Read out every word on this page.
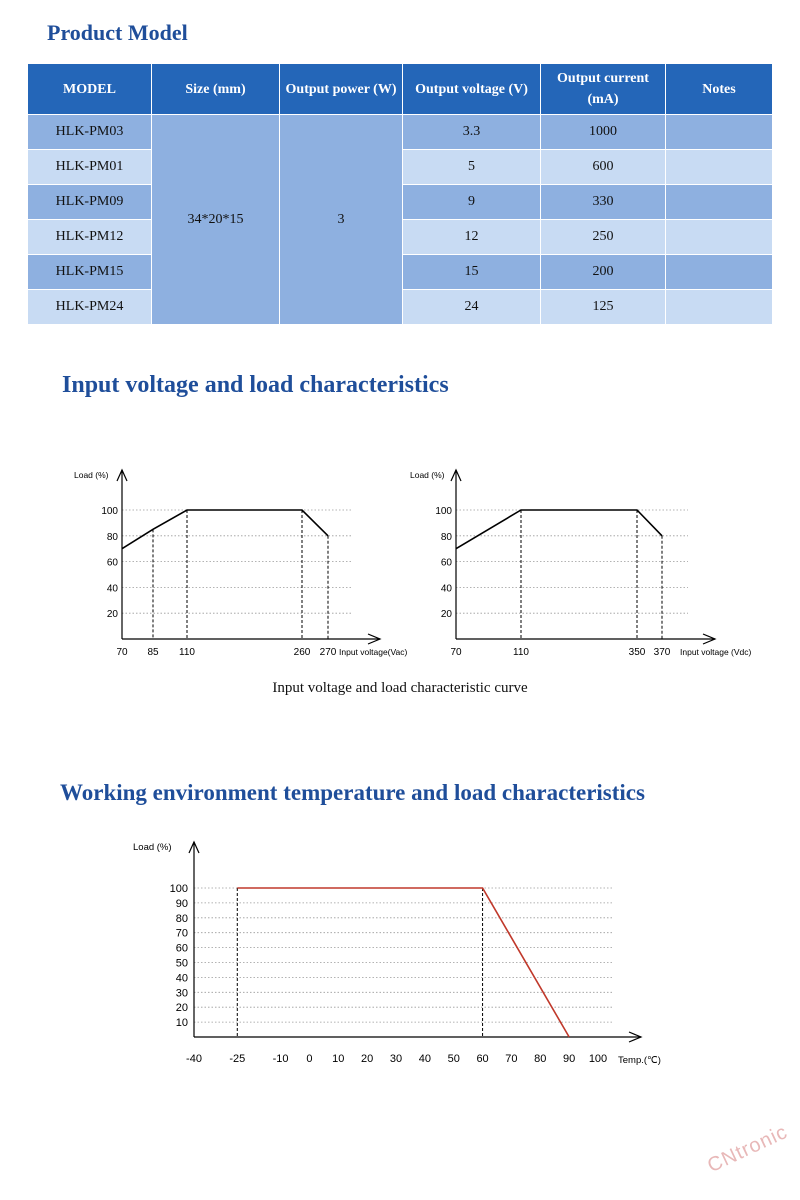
Product Model
MODEL	Size (mm)	Output power (W)	Output voltage (V)	Output current (mA)	Notes
HLK-PM03	34*20*15	3	3.3	1000	
HLK-PM01			5	600	
HLK-PM09			9	330	
HLK-PM12			12	250	
HLK-PM15			15	200	
HLK-PM24			24	125	
Input voltage and load characteristics
20
40
60
80
100
70 85 110	260 270
Load (%)
Input voltage(Vac)
20
40
60
80
100
70	110	350 370
Load (%)
Input voltage (Vdc)
Input voltage and load characteristic curve
Working environment temperature and load characteristics
10
20
30
40
50
60
70
80
90
100
-40 -25 -10 0 10 20 30 40 50 60 70 80 90 100
Load (%)
Temp.(℃)
CNtronic
